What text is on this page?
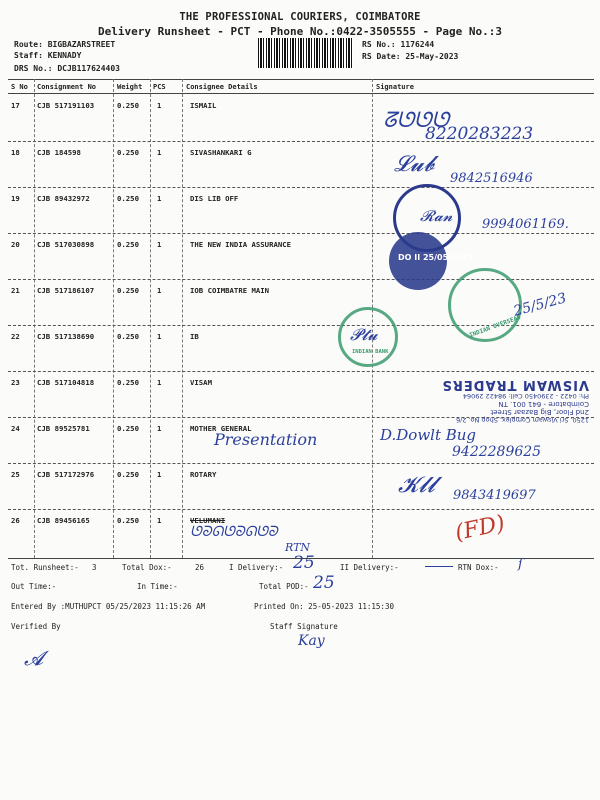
THE PROFESSIONAL COURIERS, COIMBATORE
Delivery Runsheet - PCT - Phone No.:0422-3505555 - Page No.:3
Route: BIGBAZARSTREET
Staff: KENNADY
DRS No.: DCJB117624403
RS No.: 1176244
RS Date: 25-May-2023
S No Consignment No	Weight PCS	Consignee Details	Signature
17 CJB 517191103	0.250 1	ISMAIL
18 CJB 184598	0.250 1	SIVASHANKARI G
19 CJB 89432972	0.250 1	DIS LIB OFF
20 CJB 517030898	0.250 1	THE NEW INDIA ASSURANCE
21 CJB 517186107	0.250 1	IOB COIMBATRE MAIN
22 CJB 517138690	0.250 1	IB
23 CJB 517104818	0.250 1	VISAM
24 CJB 89525781	0.250 1	MOTHER GENERAL
25 CJB 517172976	0.250 1	ROTARY
26 CJB 89456165	0.250 1	VELUMANI
ᘔᘎᘎᘎ
8220283223
𝓛𝓾𝓫
9842516946
𝓡𝓪𝓷 9994061169.
DO II 25/05/2023
INDIAN OVERSEAS
25/5/23
INDIAN BANK
𝓟𝓽𝓾
1250, Sri Viswam Complex, Shop No. 2/6
2nd Floor, Big Bazaar Street
Coimbatore - 641 001. TN
Ph: 0422 - 2390450 Cell: 98422 29064
VISWAM TRADERS
Presentation	D.Dowlt Bug
9422289625
𝓚𝓵𝓵 9843419697
ᘎᘐᘏᘎᘐᘏᘎᘐ
RTN
(FD)
Tot. Runsheet:- 3	Total Dox:-	26	I Delivery:- 25	II Delivery:-	RTN Dox:- ſ
Out Time:-	In Time:-	Total POD:- 25
Entered By :MUTHUPCT 05/25/2023 11:15:26 AM	Printed On: 25-05-2023 11:15:30
Verified By	Staff Signature
Kay
𝓐
